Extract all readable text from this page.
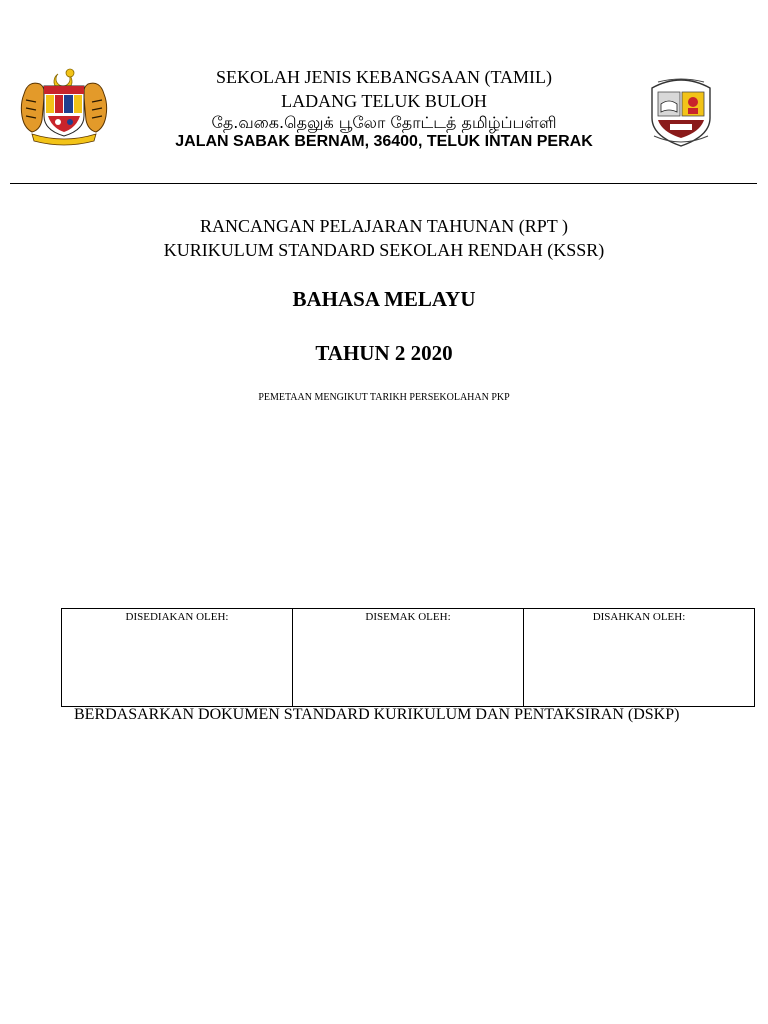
SEKOLAH JENIS KEBANGSAAN (TAMIL)
LADANG TELUK BULOH
தே.வகை.தெலுக் பூலோ தோட்டத் தமிழ்ப்பள்ளி
JALAN SABAK BERNAM, 36400, TELUK INTAN PERAK
RANCANGAN PELAJARAN TAHUNAN (RPT )
KURIKULUM STANDARD SEKOLAH RENDAH (KSSR)
BAHASA MELAYU
TAHUN 2 2020
PEMETAAN MENGIKUT TARIKH PERSEKOLAHAN PKP
DISEDIAKAN OLEH:	DISEMAK OLEH:	DISAHKAN OLEH:
BERDASARKAN DOKUMEN STANDARD KURIKULUM DAN PENTAKSIRAN (DSKP)
